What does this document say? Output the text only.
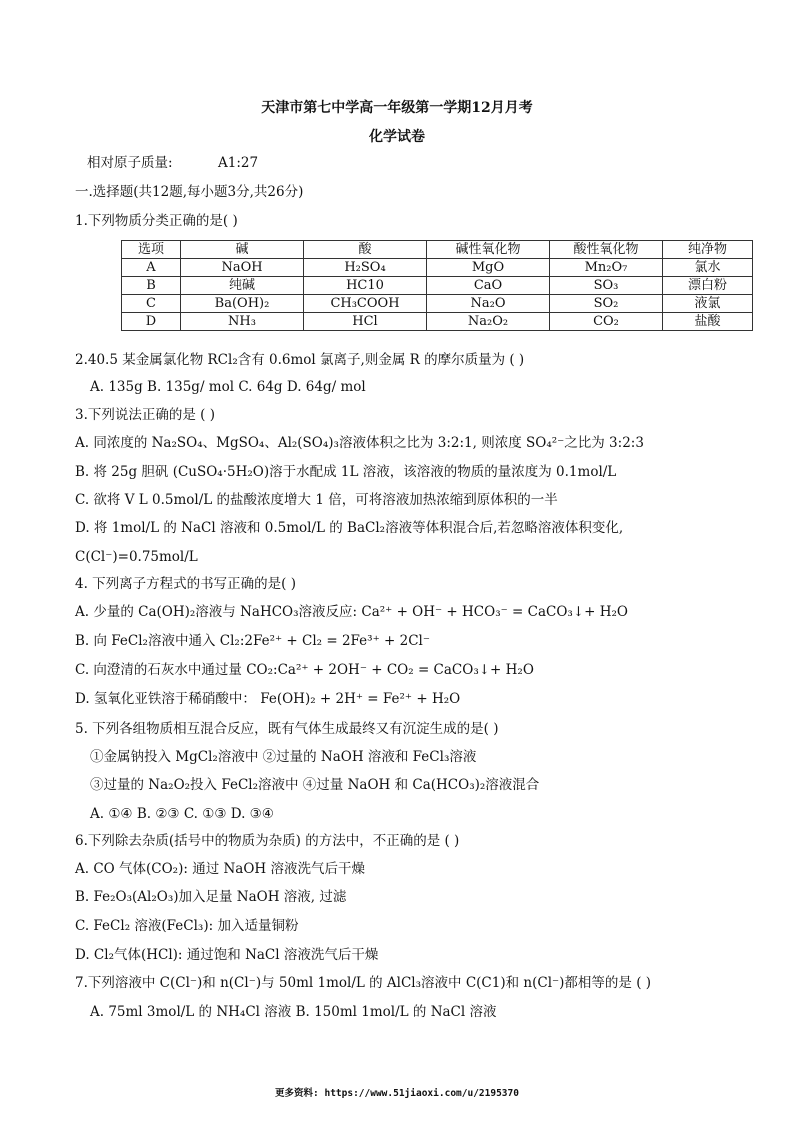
天津市第七中学高一年级第一学期12月月考
化学试卷
相对原子质量:	A1:27
一.选择题(共12题,每小题3分,共26分)
1.下列物质分类正确的是( )
选项	碱	酸	碱性氧化物	酸性氧化物	纯净物
A	NaOH	H₂SO₄	MgO	Mn₂O₇	氯水
B	纯碱	HC10	CaO	SO₃	漂白粉
C	Ba(OH)₂	CH₃COOH	Na₂O	SO₂	液氯
D	NH₃	HCl	Na₂O₂	CO₂	盐酸
2.40.5 某金属氯化物 RCl₂含有 0.6mol 氯离子,则金属 R 的摩尔质量为 ( )
A. 135g B. 135g/ mol C. 64g D. 64g/ mol
3.下列说法正确的是 ( )
A. 同浓度的 Na₂SO₄、MgSO₄、Al₂(SO₄)₃溶液体积之比为 3:2:1, 则浓度 SO₄²⁻之比为 3:2:3
B. 将 25g 胆矾 (CuSO₄·5H₂O)溶于水配成 1L 溶液，该溶液的物质的量浓度为 0.1mol/L
C. 欲将 V L 0.5mol/L 的盐酸浓度增大 1 倍，可将溶液加热浓缩到原体积的一半
D. 将 1mol/L 的 NaCl 溶液和 0.5mol/L 的 BaCl₂溶液等体积混合后,若忽略溶液体积变化,
C(Cl⁻)=0.75mol/L
4. 下列离子方程式的书写正确的是( )
A. 少量的 Ca(OH)₂溶液与 NaHCO₃溶液反应: Ca²⁺ + OH⁻ + HCO₃⁻ = CaCO₃↓+ H₂O
B. 向 FeCl₂溶液中通入 Cl₂:2Fe²⁺ + Cl₂ = 2Fe³⁺ + 2Cl⁻
C. 向澄清的石灰水中通过量 CO₂:Ca²⁺ + 2OH⁻ + CO₂ = CaCO₃↓+ H₂O
D. 氢氧化亚铁溶于稀硝酸中： Fe(OH)₂ + 2H⁺ = Fe²⁺ + H₂O
5. 下列各组物质相互混合反应，既有气体生成最终又有沉淀生成的是( )
①金属钠投入 MgCl₂溶液中 ②过量的 NaOH 溶液和 FeCl₃溶液
③过量的 Na₂O₂投入 FeCl₂溶液中 ④过量 NaOH 和 Ca(HCO₃)₂溶液混合
A. ①④ B. ②③ C. ①③ D. ③④
6.下列除去杂质(括号中的物质为杂质) 的方法中，不正确的是 ( )
A. CO 气体(CO₂): 通过 NaOH 溶液洗气后干燥
B. Fe₂O₃(Al₂O₃)加入足量 NaOH 溶液, 过滤
C. FeCl₂ 溶液(FeCl₃): 加入适量铜粉
D. Cl₂气体(HCl): 通过饱和 NaCl 溶液洗气后干燥
7.下列溶液中 C(Cl⁻)和 n(Cl⁻)与 50ml 1mol/L 的 AlCl₃溶液中 C(C1)和 n(Cl⁻)都相等的是 ( )
A. 75ml 3mol/L 的 NH₄Cl 溶液 B. 150ml 1mol/L 的 NaCl 溶液
更多资料: https://www.51jiaoxi.com/u/2195370
